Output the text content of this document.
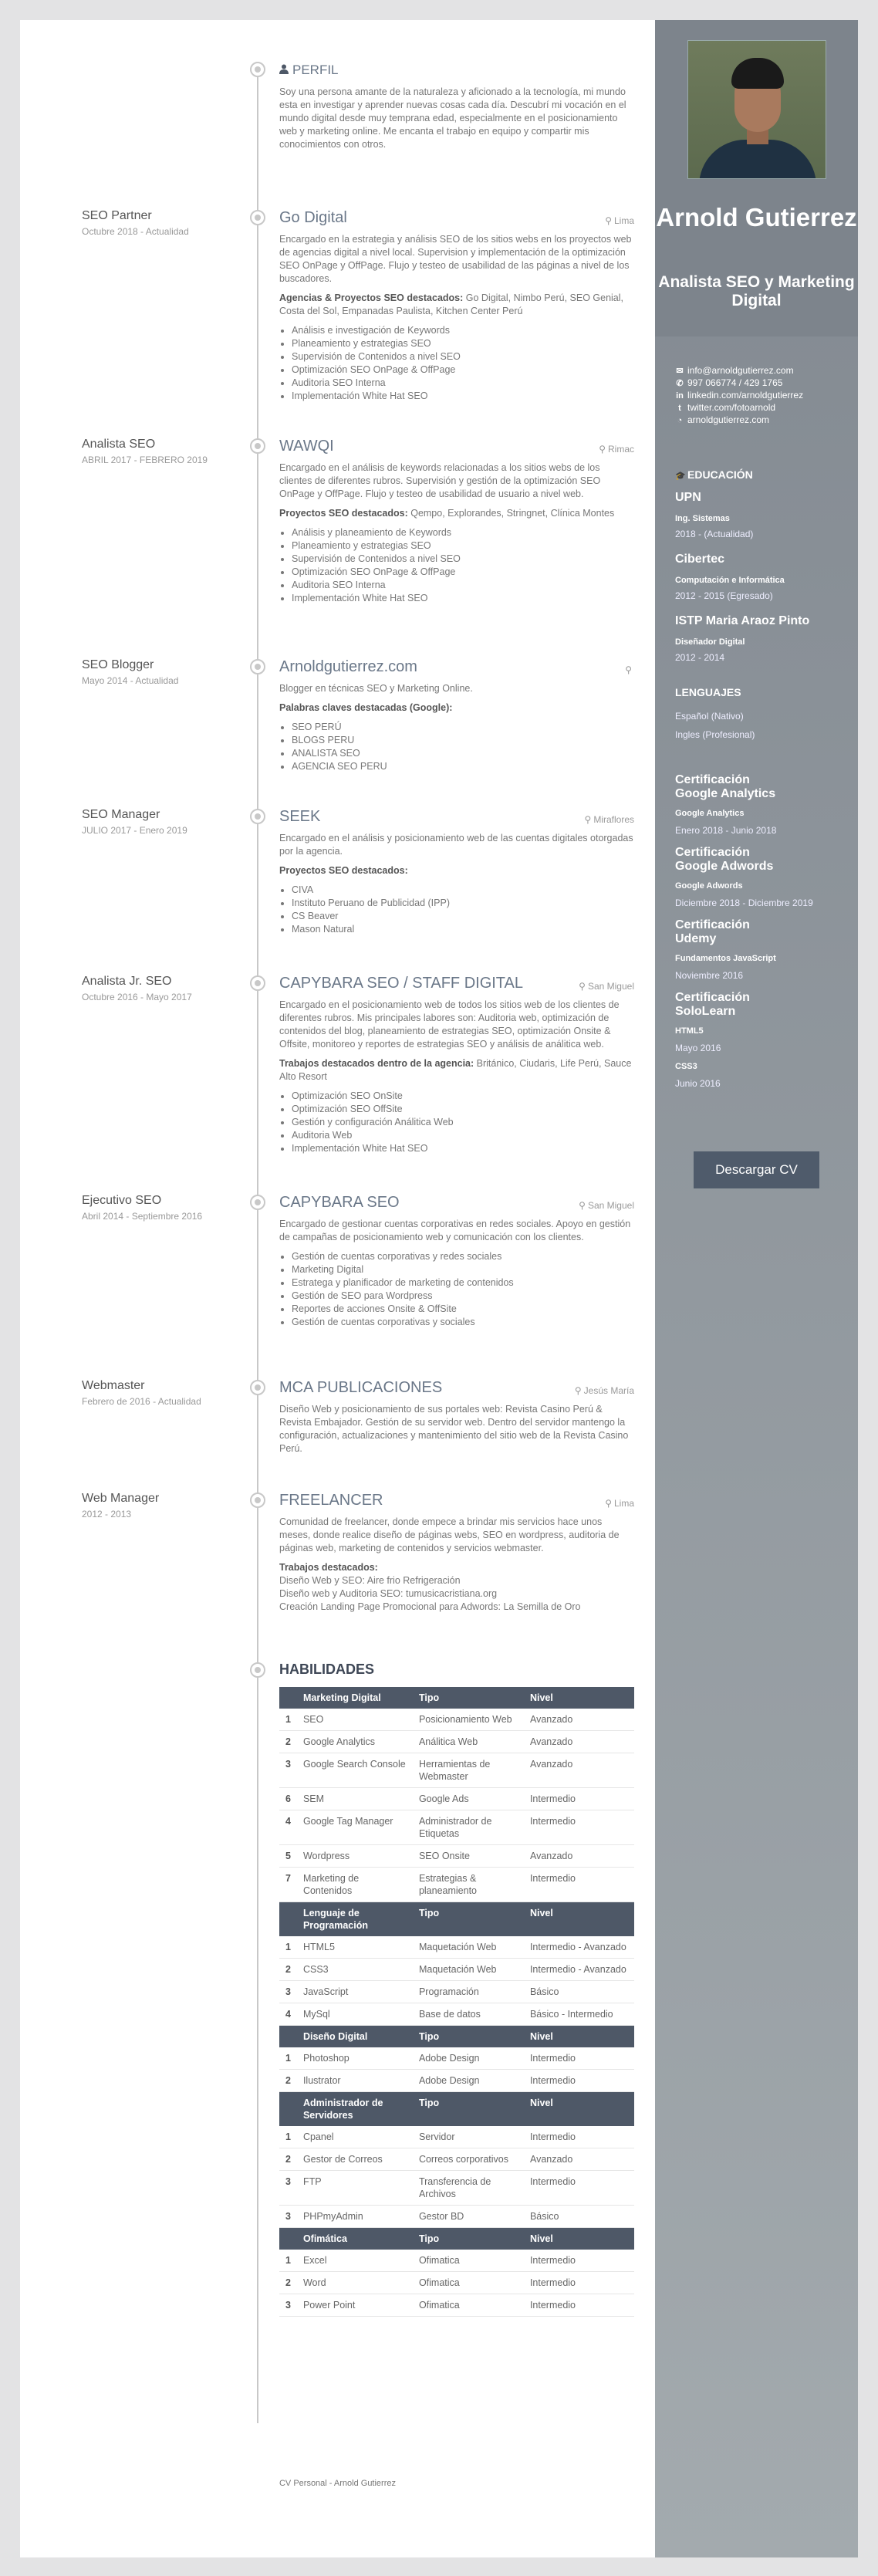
PERFIL

Soy una persona amante de la naturaleza y aficionado a la tecnología, mi mundo esta en investigar y aprender nuevas cosas cada día. Descubrí mi vocación en el mundo digital desde muy temprana edad, especialmente en el posicionamiento web y marketing online. Me encanta el trabajo en equipo y compartir mis conocimientos con otros.

SEO Partner
Octubre 2018 - Actualidad
Go Digital	⚲ Lima

Encargado en la estrategia y análisis SEO de los sitios webs en los proyectos web de agencias digital a nivel local. Supervision y implementación de la optimización SEO OnPage y OffPage. Flujo y testeo de usabilidad de las páginas a nivel de los buscadores.

Agencias & Proyectos SEO destacados: Go Digital, Nimbo Perú, SEO Genial, Costa del Sol, Empanadas Paulista, Kitchen Center Perú

• Análisis e investigación de Keywords
• Planeamiento y estrategias SEO
• Supervisión de Contenidos a nivel SEO
• Optimización SEO OnPage & OffPage
• Auditoria SEO Interna
• Implementación White Hat SEO
Analista SEO
ABRIL 2017 - FEBRERO 2019
WAWQI	⚲ Rimac

Encargado en el análisis de keywords relacionadas a los sitios webs de los clientes de diferentes rubros. Supervisión y gestión de la optimización SEO OnPage y OffPage. Flujo y testeo de usabilidad de usuario a nivel web.

Proyectos SEO destacados: Qempo, Explorandes, Stringnet, Clínica Montes

• Análisis y planeamiento de Keywords
• Planeamiento y estrategias SEO
• Supervisión de Contenidos a nivel SEO
• Optimización SEO OnPage & OffPage
• Auditoria SEO Interna
• Implementación White Hat SEO
SEO Blogger
Mayo 2014 - Actualidad
Arnoldgutierrez.com	⚲

Blogger en técnicas SEO y Marketing Online.

Palabras claves destacadas (Google):

• SEO PERÚ
• BLOGS PERU
• ANALISTA SEO
• AGENCIA SEO PERU
SEO Manager
JULIO 2017 - Enero 2019
SEEK	⚲ Miraflores

Encargado en el análisis y posicionamiento web de las cuentas digitales otorgadas por la agencia.

Proyectos SEO destacados:

• CIVA
• Instituto Peruano de Publicidad (IPP)
• CS Beaver
• Mason Natural
Analista Jr. SEO
Octubre 2016 - Mayo 2017
CAPYBARA SEO / STAFF DIGITAL	⚲ San Miguel

Encargado en el posicionamiento web de todos los sitios web de los clientes de diferentes rubros. Mis principales labores son: Auditoria web, optimización de contenidos del blog, planeamiento de estrategias SEO, optimización Onsite & Offsite, monitoreo y reportes de estrategias SEO y análisis de análitica web.

Trabajos destacados dentro de la agencia: Británico, Ciudaris, Life Perú, Sauce Alto Resort

• Optimización SEO OnSite
• Optimización SEO OffSite
• Gestión y configuración Análitica Web
• Auditoria Web
• Implementación White Hat SEO
Ejecutivo SEO
Abril 2014 - Septiembre 2016
CAPYBARA SEO	⚲ San Miguel

Encargado de gestionar cuentas corporativas en redes sociales. Apoyo en gestión de campañas de posicionamiento web y comunicación con los clientes.

• Gestión de cuentas corporativas y redes sociales
• Marketing Digital
• Estratega y planificador de marketing de contenidos
• Gestión de SEO para Wordpress
• Reportes de acciones Onsite & OffSite
• Gestión de cuentas corporativas y sociales
Webmaster
Febrero de 2016 - Actualidad
MCA PUBLICACIONES	⚲ Jesús María

Diseño Web y posicionamiento de sus portales web: Revista Casino Perú & Revista Embajador. Gestión de su servidor web. Dentro del servidor mantengo la configuración, actualizaciones y mantenimiento del sitio web de la Revista Casino Perú.

Web Manager
2012 - 2013
FREELANCER	⚲ Lima

Comunidad de freelancer, donde empece a brindar mis servicios hace unos meses, donde realice diseño de páginas webs, SEO en wordpress, auditoria de páginas web, marketing de contenidos y servicios webmaster.

Trabajos destacados:

Diseño Web y SEO: Aire frio Refrigeración
Diseño web y Auditoria SEO: tumusicacristiana.org
Creación Landing Page Promocional para Adwords: La Semilla de Oro
HABILIDADES
	Marketing Digital	Tipo	Nivel
1	SEO	Posicionamiento Web	Avanzado
2	Google Analytics	Análitica Web	Avanzado
3	Google Search Console	Herramientas de Webmaster	Avanzado
6	SEM	Google Ads	Intermedio
4	Google Tag Manager	Administrador de Etiquetas	Intermedio
5	Wordpress	SEO Onsite	Avanzado
7	Marketing de Contenidos	Estrategias & planeamiento	Intermedio
	Lenguaje de Programación	Tipo	Nivel
1	HTML5	Maquetación Web	Intermedio - Avanzado
2	CSS3	Maquetación Web	Intermedio - Avanzado
3	JavaScript	Programación	Básico
4	MySql	Base de datos	Básico - Intermedio
	Diseño Digital	Tipo	Nivel
1	Photoshop	Adobe Design	Intermedio
2	Ilustrator	Adobe Design	Intermedio
	Administrador de Servidores	Tipo	Nivel
1	Cpanel	Servidor	Intermedio
2	Gestor de Correos	Correos corporativos	Avanzado
3	FTP	Transferencia de Archivos	Intermedio
3	PHPmyAdmin	Gestor BD	Básico
	Ofimática	Tipo	Nivel
1	Excel	Ofimatica	Intermedio
2	Word	Ofimatica	Intermedio
3	Power Point	Ofimatica	Intermedio
CV Personal - Arnold Gutierrez
Arnold Gutierrez
Analista SEO y Marketing Digital
✉ info@arnoldgutierrez.com
✆ 997 066774 / 429 1765
in linkedin.com/arnoldgutierrez
t twitter.com/fotoarnold
◔ arnoldgutierrez.com
🎓 EDUCACIÓN
UPN
Ing. Sistemas
2018 - (Actualidad)
Cibertec
Computación e Informática
2012 - 2015 (Egresado)
ISTP Maria Araoz Pinto
Diseñador Digital
2012 - 2014
LENGUAJES
Español (Nativo)
Ingles (Profesional)
Certificación
Google Analytics
Google Analytics
Enero 2018 - Junio 2018
Certificación
Google Adwords
Google Adwords
Diciembre 2018 - Diciembre 2019
Certificación
Udemy
Fundamentos JavaScript
Noviembre 2016
Certificación
SoloLearn
HTML5
Mayo 2016
CSS3
Junio 2016
Descargar CV
